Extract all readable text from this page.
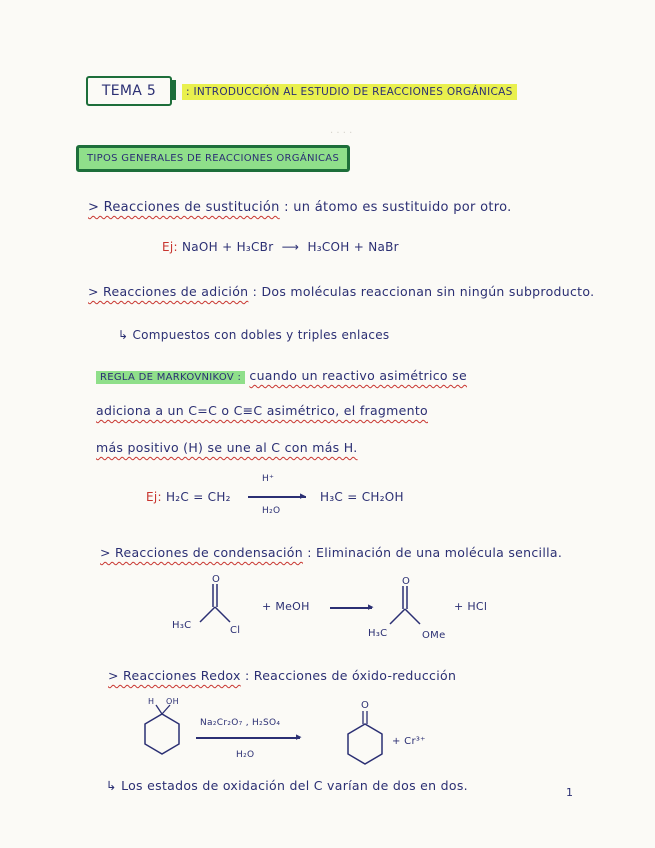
· · · ·
TEMA 5	: INTRODUCCIÓN AL ESTUDIO DE REACCIONES ORGÁNICAS
TIPOS GENERALES DE REACCIONES ORGÁNICAS
> Reacciones de sustitución : un átomo es sustituido por otro.
Ej: NaOH + H₃CBr  ⟶  H₃COH + NaBr
> Reacciones de adición : Dos moléculas reaccionan sin ningún subproducto.
↳ Compuestos con dobles y triples enlaces
REGLA DE MARKOVNIKOV : cuando un reactivo asimétrico se
adiciona a un C=C o C≡C asimétrico, el fragmento
más positivo (H) se une al C con más H.
Ej: H₂C = CH₂
H⁺
▸
H₂O
H₃C = CH₂OH
> Reacciones de condensación : Eliminación de una molécula sencilla.
O	O
H₃C	Cl
+ MeOH	▸
H₃C	OMe
+ HCl
> Reacciones Redox : Reacciones de óxido-reducción
H OH
Na₂Cr₂O₇ , H₂SO₄
▸
H₂O
O
+ Cr³⁺
↳ Los estados de oxidación del C varían de dos en dos.	1
